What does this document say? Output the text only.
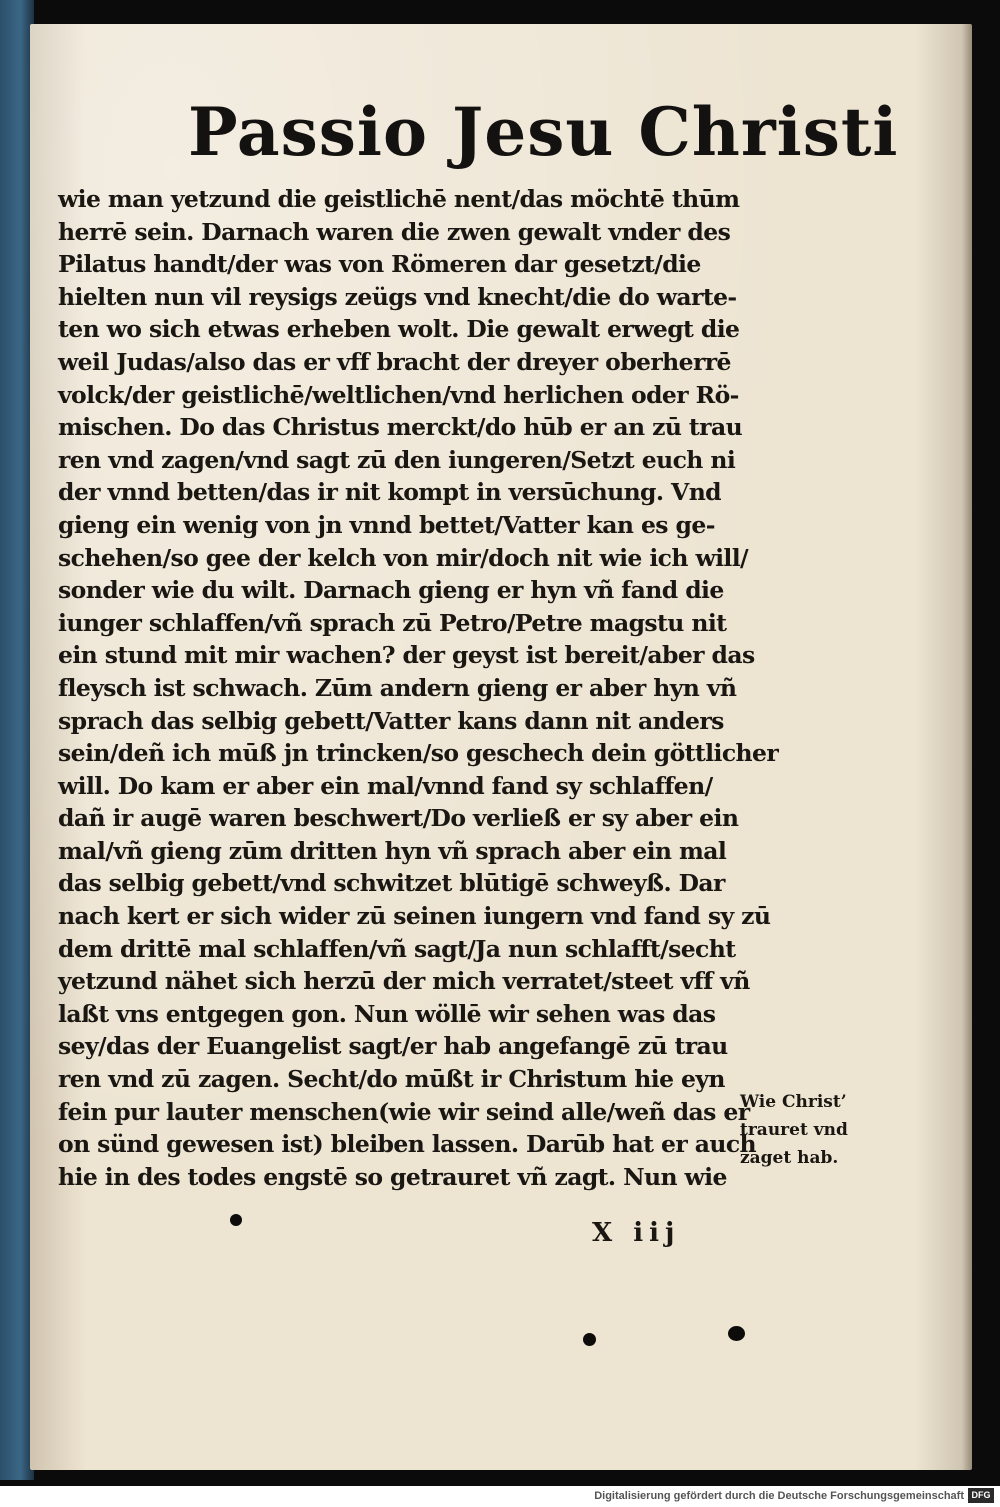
Passio Jesu Christi
wie man yetzund die geistlichē nent/das möchtē thūm
herrē sein. Darnach waren die zwen gewalt vnder des
Pilatus handt/der was von Römeren dar gesetzt/die
hielten nun vil reysigs zeügs vnd knecht/die do warte-
ten wo sich etwas erheben wolt. Die gewalt erwegt die
weil Judas/also das er vff bracht der dreyer oberherrē
volck/der geistlichē/weltlichen/vnd herlichen oder Rö-
mischen. Do das Christus merckt/do hūb er an zū trau
ren vnd zagen/vnd sagt zū den iungeren/Setzt euch ni
der vnnd betten/das ir nit kompt in versūchung. Vnd
gieng ein wenig von jn vnnd bettet/Vatter kan es ge-
schehen/so gee der kelch von mir/doch nit wie ich will/
sonder wie du wilt. Darnach gieng er hyn vñ fand die
iunger schlaffen/vñ sprach zū Petro/Petre magstu nit
ein stund mit mir wachen? der geyst ist bereit/aber das
fleysch ist schwach. Zūm andern gieng er aber hyn vñ
sprach das selbig gebett/Vatter kans dann nit anders
sein/deñ ich mūß jn trincken/so geschech dein göttlicher
will. Do kam er aber ein mal/vnnd fand sy schlaffen/
dañ ir augē waren beschwert/Do verließ er sy aber ein
mal/vñ gieng zūm dritten hyn vñ sprach aber ein mal
das selbig gebett/vnd schwitzet blūtigē schweyß. Dar
nach kert er sich wider zū seinen iungern vnd fand sy zū
dem drittē mal schlaffen/vñ sagt/Ja nun schlafft/secht
yetzund nähet sich herzū der mich verratet/steet vff vñ
laßt vns entgegen gon. Nun wöllē wir sehen was das
sey/das der Euangelist sagt/er hab angefangē zū trau
ren vnd zū zagen. Secht/do mūßt ir Christum hie eyn
fein pur lauter menschen(wie wir seind alle/weñ das er
on sünd gewesen ist) bleiben lassen. Darūb hat er auch
hie in des todes engstē so getrauret vñ zagt. Nun wie
Wie Christ’
trauret vnd
zaget hab.
X iij
Digitalisierung gefördert durch die Deutsche Forschungsgemeinschaft DFG
